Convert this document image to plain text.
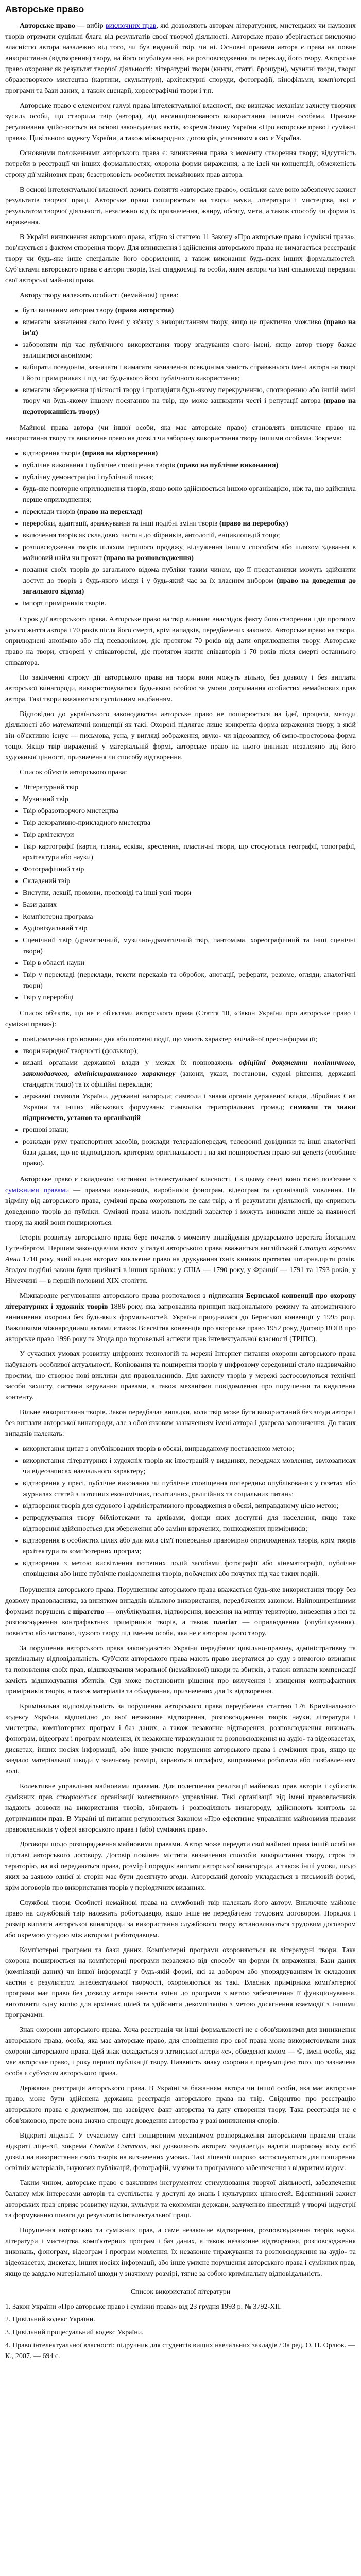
Авторське право

Авторське право — вибір виключних прав, які дозволяють авторам літературних, мистецьких чи наукових творів отримати суцільні блага від результатів своєї творчої діяльності. Авторське право зберігається виключно власністю автора назалежно від того, чи був виданий твір, чи ні. Основні правами автора є права на повне використання (відтворення) твору, на його опублікування, на розповсюдження та переклад його твору. Авторське право охороняє як результат творчої діяльності: літературні твори (книги, статті, брошури), музичні твори, твори образотворчого мистецтва (картини, скульптури), архітектурні споруди, фотографії, кінофільми, комп'ютерні програми та бази даних, а також сценарії, хореографічні твори і т.п.

Авторське право є елементом галузі права інтелектуальної власності, яке визначає механізм захисту творчих зусиль особи, що створила твір (автора), від несанкціонованого використання іншими особами. Правове регулювання здійснюється на основі законодавчих актів, зокрема Закону України «Про авторське право і суміжні права», Цивільного кодексу України, а також міжнародних договорів, учасником яких є Україна.

Основними положеннями авторського права є: виникнення права з моменту створення твору; відсутність потреби в реєстрації чи інших формальностях; охорона форми вираження, а не ідей чи концепцій; обмеженість строку дії майнових прав; безстроковість особистих немайнових прав автора.

В основі інтелектуальної власності лежить поняття «авторське право», оскільки саме воно забезпечує захист результатів творчої праці. Авторське право поширюється на твори науки, літератури і мистецтва, які є результатом творчої діяльності, незалежно від їх призначення, жанру, обсягу, мети, а також способу чи форми їх вираження.

В Україні виникнення авторського права, згідно зі статтею 11 Закону «Про авторське право і суміжні права», пов'язується з фактом створення твору. Для виникнення і здійснення авторського права не вимагається реєстрація твору чи будь-яке інше спеціальне його оформлення, а також виконання будь-яких інших формальностей. Суб'єктами авторського права є автори творів, їхні спадкоємці та особи, яким автори чи їхні спадкоємці передали свої авторські майнові права.

Автору твору належать особисті (немайнові) права:

• бути визнаним автором твору (право авторства)
• вимагати зазначення свого імені у зв'язку з використанням твору, якщо це практично можливо (право на ім'я)
• забороняти під час публічного використання твору згадування свого імені, якщо автор твору бажає залишитися анонімом;
• вибирати псевдонім, зазначати і вимагати зазначення псевдоніма замість справжнього імені автора на творі і його примірниках і під час будь-якого його публічного використання;
• вимагати збереження цілісності твору і протидіяти будь-якому перекрученню, спотворенню або іншій зміні твору чи будь-якому іншому посяганню на твір, що може зашкодити честі і репутації автора (право на недоторканність твору)

Майнові права автора (чи іншої особи, яка має авторське право) становлять виключне право на використання твору та виключне право на дозвіл чи заборону використання твору іншими особами. Зокрема:

• відтворення творів (право на відтворення)
• публічне виконання і публічне сповіщення творів (право на публічне виконання)
• публічну демонстрацію і публічний показ;
• будь-яке повторне оприлюднення творів, якщо воно здійснюється іншою організацією, ніж та, що здійснила перше оприлюднення;
• переклади творів (право на переклад)
• переробки, адаптації, аранжування та інші подібні зміни творів (право на переробку)
• включення творів як складових частин до збірників, антологій, енциклопедій тощо;
• розповсюдження творів шляхом першого продажу, відчуження іншим способом або шляхом здавання в майновий найм чи прокат (право на розповсюдження)
• подання своїх творів до загального відома публіки таким чином, що її представники можуть здійснити доступ до творів з будь-якого місця і у будь-який час за їх власним вибором (право на доведення до загального відома)
• імпорт примірників творів.

Строк дії авторського права. Авторське право на твір виникає внаслідок факту його створення і діє протягом усього життя автора і 70 років після його смерті, крім випадків, передбачених законом. Авторське право на твори, оприлюднені анонімно або під псевдонімом, діє протягом 70 років від дати оприлюднення твору. Авторське право на твори, створені у співавторстві, діє протягом життя співавторів і 70 років після смерті останнього співавтора.

По закінченні строку дії авторського права на твори вони можуть вільно, без дозволу і без виплати авторської винагороди, використовуватися будь-якою особою за умови дотримання особистих немайнових прав автора. Такі твори вважаються суспільним надбанням.

Відповідно до українського законодавства авторське право не поширюється на ідеї, процеси, методи діяльності або математичні концепції як такі. Охороні підлягає лише конкретна форма вираження твору, в якій він об'єктивно існує — письмова, усна, у вигляді зображення, звуко- чи відеозапису, об'ємно-просторова форма тощо. Якщо твір виражений у матеріальній формі, авторське право на нього виникає незалежно від його художньої цінності, призначення чи способу відтворення.

Список об'єктів авторського права:

• Літературний твір
• Музичний твір
• Твір образотворчого мистецтва
• Твір декоративно-прикладного мистецтва
• Твір архітектури
• Твір картографії (карти, плани, ескізи, креслення, пластичні твори, що стосуються географії, топографії, архітектури або науки)
• Фотографічний твір
• Складений твір
• Виступи, лекції, промови, проповіді та інші усні твори
• Бази даних
• Комп'ютерна програма
• Аудіовізуальний твір
• Сценічний твір (драматичний, музично-драматичний твір, пантоміма, хореографічний та інші сценічні твори)
• Твір в області науки
• Твір у перекладі (переклади, тексти переказів та обробок, анотації, реферати, резюме, огляди, аналогічні твори)
• Твір у переробці

Список об'єктів, що не є об'єктами авторського права (Стаття 10, «Закон України про авторське право і суміжні права»):

• повідомлення про новини дня або поточні події, що мають характер звичайної прес-інформації;
• твори народної творчості (фольклор);
• видані органами державної влади у межах їх повноважень офіційні документи політичного, законодавчого, адміністративного характеру (закони, укази, постанови, судові рішення, державні стандарти тощо) та їх офіційні переклади;
• державні символи України, державні нагороди; символи і знаки органів державної влади, Збройних Сил України та інших військових формувань; символіка територіальних громад; символи та знаки підприємств, установ та організацій
• грошові знаки;
• розклади руху транспортних засобів, розклади телерадіопередач, телефонні довідники та інші аналогічні бази даних, що не відповідають критеріям оригінальності і на які поширюється право sui generis (особливе право).

Авторське право є складовою частиною інтелектуальної власності, і в цьому сенсі воно тісно пов'язане з суміжними правами — правами виконавців, виробників фонограм, відеограм та організацій мовлення. На відміну від авторського права, суміжні права охороняють не сам твір, а ті результати діяльності, що сприяють доведенню творів до публіки. Суміжні права мають похідний характер і можуть виникати лише за наявності твору, на який вони поширюються.

Історія розвитку авторського права бере початок з моменту винайдення друкарського верстата Йоганном Гутенбергом. Першим законодавчим актом у галузі авторського права вважається англійський Статут королеви Анни 1710 року, який надав авторам виключне право на друкування їхніх книжок протягом чотирнадцяти років. Згодом подібні закони були прийняті в інших країнах: у США — 1790 року, у Франції — 1791 та 1793 років, у Німеччині — в першій половині XIX століття.

Міжнародне регулювання авторського права розпочалося з підписання Бернської конвенції про охорону літературних і художніх творів 1886 року, яка запровадила принцип національного режиму та автоматичного виникнення охорони без будь-яких формальностей. Україна приєдналася до Бернської конвенції у 1995 році. Важливими міжнародними актами є також Всесвітня конвенція про авторське право 1952 року, Договір ВОІВ про авторське право 1996 року та Угода про торговельні аспекти прав інтелектуальної власності (ТРІПС).

У сучасних умовах розвитку цифрових технологій та мережі Інтернет питання охорони авторського права набувають особливої актуальності. Копіювання та поширення творів у цифровому середовищі стало надзвичайно простим, що створює нові виклики для правовласників. Для захисту творів у мережі застосовуються технічні засоби захисту, системи керування правами, а також механізми повідомлення про порушення та видалення контенту.

Вільне використання творів. Закон передбачає випадки, коли твір може бути використаний без згоди автора і без виплати авторської винагороди, але з обов'язковим зазначенням імені автора і джерела запозичення. До таких випадків належать:

• використання цитат з опублікованих творів в обсязі, виправданому поставленою метою;
• використання літературних і художніх творів як ілюстрацій у виданнях, передачах мовлення, звукозаписах чи відеозаписах навчального характеру;
• відтворення у пресі, публічне виконання чи публічне сповіщення попередньо опублікованих у газетах або журналах статей з поточних економічних, політичних, релігійних та соціальних питань;
• відтворення творів для судового і адміністративного провадження в обсязі, виправданому цією метою;
• репродукування твору бібліотеками та архівами, фонди яких доступні для населення, якщо таке відтворення здійснюється для збереження або заміни втрачених, пошкоджених примірників;
• відтворення в особистих цілях або для кола сім'ї попередньо правомірно оприлюднених творів, крім творів архітектури та комп'ютерних програм;
• відтворення з метою висвітлення поточних подій засобами фотографії або кінематографії, публічне сповіщення або інше публічне повідомлення творів, побачених або почутих під час таких подій.

Порушення авторського права. Порушенням авторського права вважається будь-яке використання твору без дозволу правовласника, за винятком випадків вільного використання, передбачених законом. Найпоширенішими формами порушень є піратство — опублікування, відтворення, ввезення на митну територію, вивезення з неї та розповсюдження контрафактних примірників творів, а також плагіат — оприлюднення (опублікування), повністю або частково, чужого твору під іменем особи, яка не є автором цього твору.

За порушення авторського права законодавство України передбачає цивільно-правову, адміністративну та кримінальну відповідальність. Суб'єкти авторського права мають право звертатися до суду з вимогою визнання та поновлення своїх прав, відшкодування моральної (немайнової) шкоди та збитків, а також виплати компенсації замість відшкодування збитків. Суд може постановити рішення про вилучення і знищення контрафактних примірників творів, а також матеріалів та обладнання, призначених для їх відтворення.

Кримінальна відповідальність за порушення авторського права передбачена статтею 176 Кримінального кодексу України, відповідно до якої незаконне відтворення, розповсюдження творів науки, літератури і мистецтва, комп'ютерних програм і баз даних, а також незаконне відтворення, розповсюдження виконань, фонограм, відеограм і програм мовлення, їх незаконне тиражування та розповсюдження на аудіо- та відеокасетах, дискетах, інших носіях інформації, або інше умисне порушення авторського права і суміжних прав, якщо це завдало матеріальної шкоди у значному розмірі, караються штрафом, виправними роботами або позбавленням волі.

Колективне управління майновими правами. Для полегшення реалізації майнових прав авторів і суб'єктів суміжних прав створюються організації колективного управління. Такі організації від імені правовласників надають дозволи на використання творів, збирають і розподіляють винагороду, здійснюють контроль за дотриманням прав. В Україні ці питання регулюються Законом «Про ефективне управління майновими правами правовласників у сфері авторського права і (або) суміжних прав».

Договори щодо розпорядження майновими правами. Автор може передати свої майнові права іншій особі на підставі авторського договору. Договір повинен містити визначення способів використання твору, строк та територію, на які передаються права, розмір і порядок виплати авторської винагороди, а також інші умови, щодо яких за заявою однієї зі сторін має бути досягнуто згоди. Авторський договір укладається в письмовій формі, крім договорів про використання творів у періодичних виданнях.

Службові твори. Особисті немайнові права на службовий твір належать його автору. Виключне майнове право на службовий твір належить роботодавцю, якщо інше не передбачено трудовим договором. Порядок і розмір виплати авторської винагороди за використання службового твору встановлюються трудовим договором або окремою угодою між автором і роботодавцем.

Комп'ютерні програми та бази даних. Комп'ютерні програми охороняються як літературні твори. Така охорона поширюється на комп'ютерні програми незалежно від способу чи форми їх вираження. Бази даних (компіляції даних) чи іншої інформації у будь-якій формі, які за добором або упорядкуванням їх складових частин є результатом інтелектуальної творчості, охороняються як такі. Власник примірника комп'ютерної програми має право без дозволу автора внести зміни до програми з метою забезпечення її функціонування, виготовити одну копію для архівних цілей та здійснити декомпіляцію з метою досягнення взаємодії з іншими програмами.

Знак охорони авторського права. Хоча реєстрація чи інші формальності не є обов'язковими для виникнення авторського права, особа, яка має авторське право, для сповіщення про свої права може використовувати знак охорони авторського права. Цей знак складається з латинської літери «с», обведеної колом — ©, імені особи, яка має авторське право, і року першої публікації твору. Наявність знаку охорони є презумпцією того, що зазначена особа є суб'єктом авторського права.

Державна реєстрація авторського права. В Україні за бажанням автора чи іншої особи, яка має авторське право, може бути здійснена державна реєстрація авторського права на твір. Свідоцтво про реєстрацію авторського права є документом, що засвідчує факт авторства та дату створення твору. Така реєстрація не є обов'язковою, проте вона значно спрощує доведення авторства у разі виникнення спорів.

Відкриті ліцензії. У сучасному світі поширеним механізмом розпорядження авторськими правами стали відкриті ліцензії, зокрема Creative Commons, які дозволяють авторам заздалегідь надати широкому колу осіб дозвіл на використання своїх творів на визначених умовах. Такі ліцензії широко застосовуються для поширення освітніх матеріалів, наукових публікацій, фотографій, музики та програмного забезпечення з відкритим кодом.

Таким чином, авторське право є важливим інструментом стимулювання творчої діяльності, забезпечення балансу між інтересами авторів та суспільства у доступі до знань і культурних цінностей. Ефективний захист авторських прав сприяє розвитку науки, культури та економіки держави, залученню інвестицій у творчі індустрії та формуванню поваги до результатів інтелектуальної праці.

Порушення авторських та суміжних прав, а саме незаконне відтворення, розповсюдження творів науки, літератури і мистецтва, комп'ютерних програм і баз даних, а також незаконне відтворення, розповсюдження виконань, фонограм, відеограм і програм мовлення, їх незаконне тиражування та розповсюдження на аудіо- та відеокасетах, дискетах, інших носіях інформації, або інше умисне порушення авторського права і суміжних прав, якщо це завдало матеріальної шкоди у значному розмірі, тягне за собою кримінальну відповідальність.

Список використаної літератури
1. Закон України «Про авторське право і суміжні права» від 23 грудня 1993 р. № 3792-XII.
2. Цивільний кодекс України.
3. Цивільний процесуальний кодекс України.
4. Право інтелектуальної власності: підручник для студентів вищих навчальних закладів / За ред. О. П. Орлюк. — К., 2007. — 694 с.
